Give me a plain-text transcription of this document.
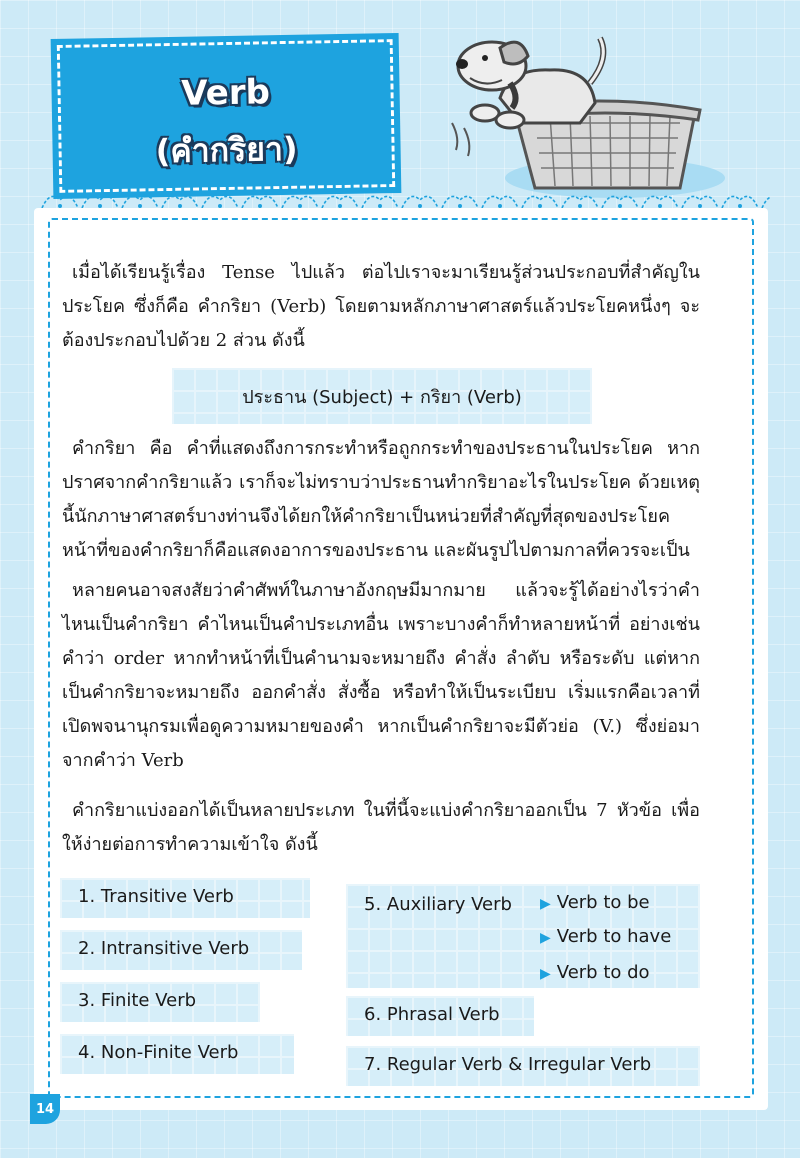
Verb
(คำกริยา)
เมื่อได้เรียนรู้เรื่อง Tense ไปแล้ว ต่อไปเราจะมาเรียนรู้ส่วนประกอบที่สำคัญในประโยค ซึ่งก็คือ คำกริยา (Verb) โดยตามหลักภาษาศาสตร์แล้วประโยคหนึ่งๆ จะต้องประกอบไปด้วย 2 ส่วน ดังนี้
ประธาน (Subject) + กริยา (Verb)
คำกริยา คือ คำที่แสดงถึงการกระทำหรือถูกกระทำของประธานในประโยค หากปราศจากคำกริยาแล้ว เราก็จะไม่ทราบว่าประธานทำกริยาอะไรในประโยค ด้วยเหตุนี้นักภาษาศาสตร์บางท่านจึงได้ยกให้คำกริยาเป็นหน่วยที่สำคัญที่สุดของประโยค หน้าที่ของคำกริยาก็คือแสดงอาการของประธาน และผันรูปไปตามกาลที่ควรจะเป็น
หลายคนอาจสงสัยว่าคำศัพท์ในภาษาอังกฤษมีมากมาย แล้วจะรู้ได้อย่างไรว่าคำไหนเป็นคำกริยา คำไหนเป็นคำประเภทอื่น เพราะบางคำก็ทำหลายหน้าที่ อย่างเช่น คำว่า order หากทำหน้าที่เป็นคำนามจะหมายถึง คำสั่ง ลำดับ หรือระดับ แต่หากเป็นคำกริยาจะหมายถึง ออกคำสั่ง สั่งซื้อ หรือทำให้เป็นระเบียบ เริ่มแรกคือเวลาที่เปิดพจนานุกรมเพื่อดูความหมายของคำ หากเป็นคำกริยาจะมีตัวย่อ (V.) ซึ่งย่อมาจากคำว่า Verb
คำกริยาแบ่งออกได้เป็นหลายประเภท ในที่นี้จะแบ่งคำกริยาออกเป็น 7 หัวข้อ เพื่อให้ง่ายต่อการทำความเข้าใจ ดังนี้
1. Transitive Verb
2. Intransitive Verb
3. Finite Verb
4. Non-Finite Verb
5. Auxiliary Verb ▶ Verb to be
▶ Verb to have
▶ Verb to do
6. Phrasal Verb
7. Regular Verb & Irregular Verb
14
